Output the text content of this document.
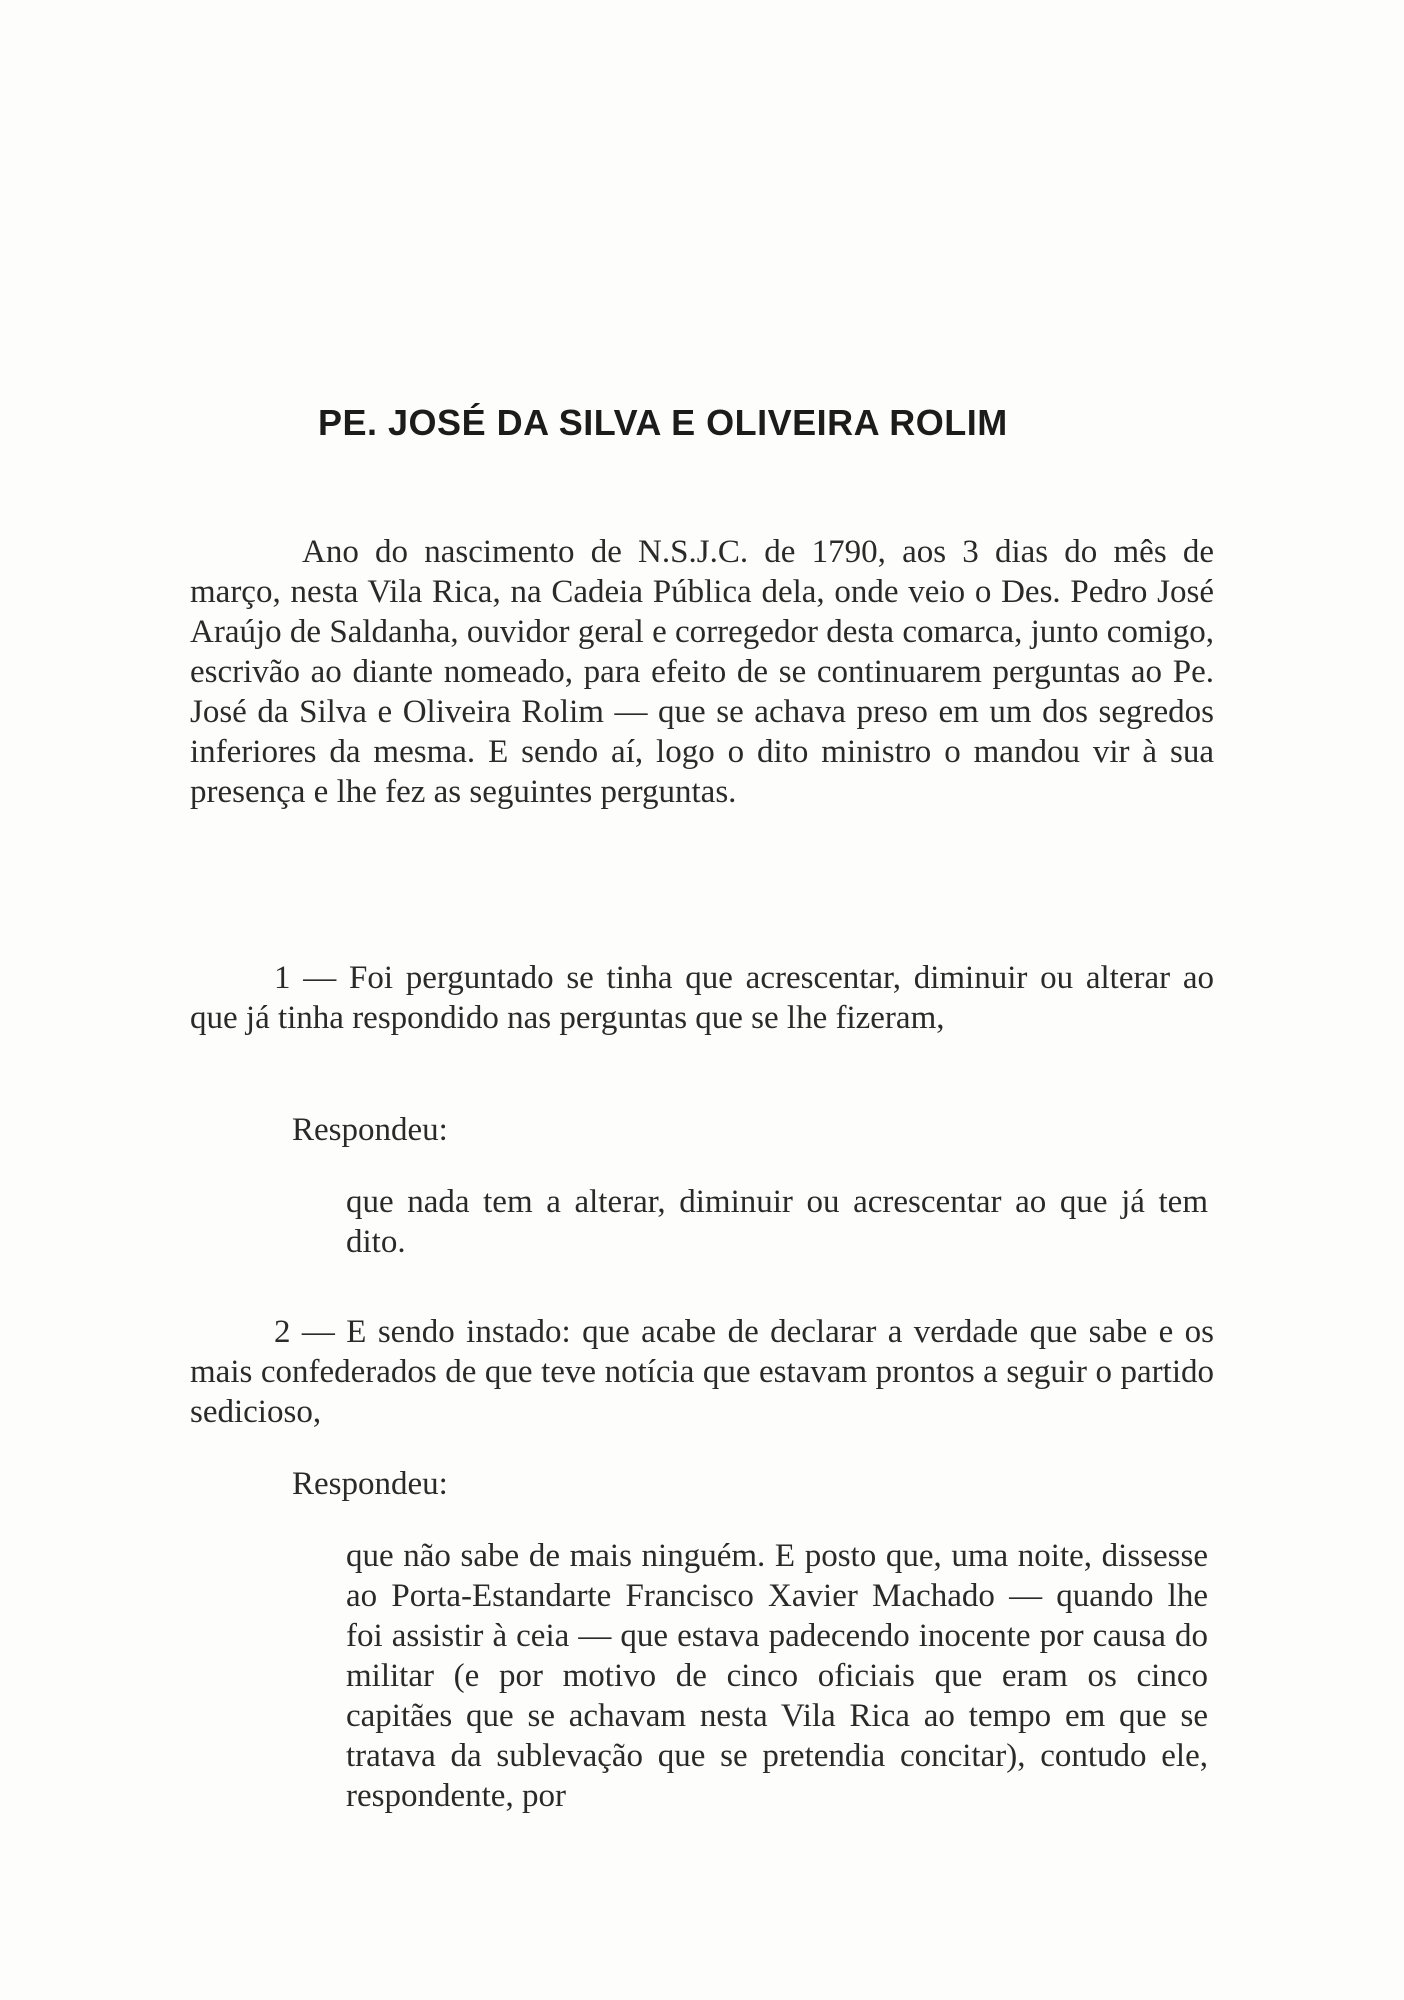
PE. JOSÉ DA SILVA E OLIVEIRA ROLIM

Ano do nascimento de N.S.J.C. de 1790, aos 3 dias do mês de março, nesta Vila Rica, na Cadeia Pública dela, onde veio o Des. Pedro José Araújo de Saldanha, ouvidor geral e corregedor desta comarca, junto comigo, escrivão ao diante nomeado, para efeito de se continuarem perguntas ao Pe. José da Silva e Oliveira Rolim — que se achava preso em um dos segredos inferiores da mesma. E sendo aí, logo o dito ministro o mandou vir à sua presença e lhe fez as seguintes perguntas.

1 — Foi perguntado se tinha que acrescentar, diminuir ou alterar ao que já tinha respondido nas perguntas que se lhe fizeram,

Respondeu:

que nada tem a alterar, diminuir ou acrescentar ao que já tem dito.

2 — E sendo instado: que acabe de declarar a verdade que sabe e os mais confederados de que teve notícia que estavam prontos a seguir o partido sedicioso,

Respondeu:

que não sabe de mais ninguém. E posto que, uma noite, dissesse ao Porta-Estandarte Francisco Xavier Machado — quando lhe foi assistir à ceia — que estava padecendo inocente por causa do militar (e por motivo de cinco oficiais que eram os cinco capitães que se achavam nesta Vila Rica ao tempo em que se tratava da sublevação que se pretendia concitar), contudo ele, respondente, por
